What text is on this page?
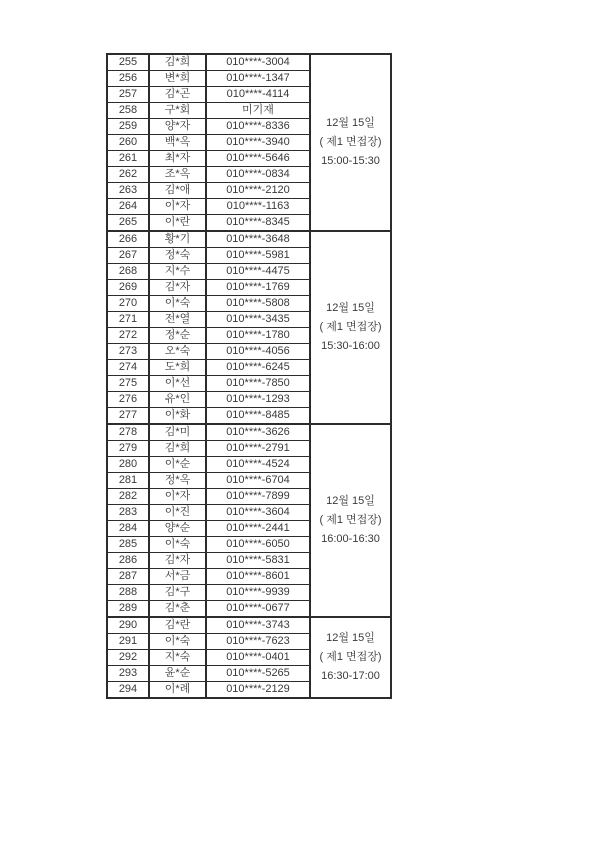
255	김*희	010****-3004	12월 15일
( 제1 면접장)
15:00-15:30

256	변*희	010****-1347	
257	김*곤	010****-4114	
258	구*회	미기재	
259	양*자	010****-8336	
260	백*옥	010****-3940	
261	최*자	010****-5646	
262	조*옥	010****-0834	
263	김*애	010****-2120	
264	이*자	010****-1163	
265	이*란	010****-8345	
266	황*기	010****-3648	12월 15일
( 제1 면접장)
15:30-16:00

267	정*숙	010****-5981	
268	지*수	010****-4475	
269	김*자	010****-1769	
270	이*숙	010****-5808	
271	전*열	010****-3435	
272	정*순	010****-1780	
273	오*숙	010****-4056	
274	도*희	010****-6245	
275	이*선	010****-7850	
276	유*인	010****-1293	
277	이*화	010****-8485	
278	김*미	010****-3626	12월 15일
( 제1 면접장)
16:00-16:30

279	김*희	010****-2791	
280	이*순	010****-4524	
281	정*옥	010****-6704	
282	이*자	010****-7899	
283	이*진	010****-3604	
284	양*순	010****-2441	
285	이*숙	010****-6050	
286	김*자	010****-5831	
287	서*금	010****-8601	
288	김*구	010****-9939	
289	김*춘	010****-0677	
290	김*란	010****-3743	12월 15일
( 제1 면접장)
16:30-17:00

291	이*숙	010****-7623	
292	지*숙	010****-0401	
293	윤*순	010****-5265	
294	이*례	010****-2129	
